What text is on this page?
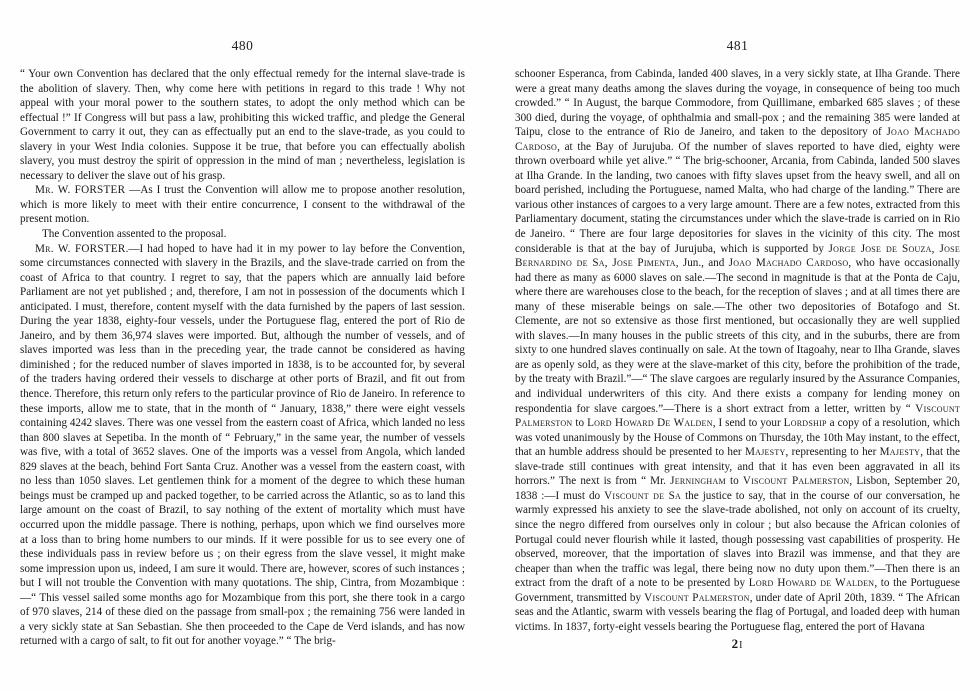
480

“ Your own Convention has declared that the only effectual remedy for the internal slave-trade is the abolition of slavery. Then, why come here with petitions in regard to this trade ! Why not appeal with your moral power to the southern states, to adopt the only method which can be effectual !” If Congress will but pass a law, prohibiting this wicked traffic, and pledge the General Government to carry it out, they can as effectually put an end to the slave-trade, as you could to slavery in your West India colonies. Suppose it be true, that before you can effectually abolish slavery, you must destroy the spirit of oppression in the mind of man ; nevertheless, legislation is necessary to deliver the slave out of his grasp.

Mr. W. FORSTER —As I trust the Convention will allow me to propose another resolution, which is more likely to meet with their entire concurrence, I consent to the withdrawal of the present motion.

The Convention assented to the proposal.

Mr. W. FORSTER.—I had hoped to have had it in my power to lay before the Convention, some circumstances connected with slavery in the Brazils, and the slave-trade carried on from the coast of Africa to that country. I regret to say, that the papers which are annually laid before Parliament are not yet published ; and, therefore, I am not in possession of the documents which I anticipated. I must, therefore, content myself with the data furnished by the papers of last session. During the year 1838, eighty-four vessels, under the Portuguese flag, entered the port of Rio de Janeiro, and by them 36,974 slaves were imported. But, although the number of vessels, and of slaves imported was less than in the preceding year, the trade cannot be considered as having diminished ; for the reduced number of slaves imported in 1838, is to be accounted for, by several of the traders having ordered their vessels to discharge at other ports of Brazil, and fit out from thence. Therefore, this return only refers to the particular province of Rio de Janeiro. In reference to these imports, allow me to state, that in the month of “ January, 1838,” there were eight vessels containing 4242 slaves. There was one vessel from the eastern coast of Africa, which landed no less than 800 slaves at Sepetiba. In the month of “ February,” in the same year, the number of vessels was five, with a total of 3652 slaves. One of the imports was a vessel from Angola, which landed 829 slaves at the beach, behind Fort Santa Cruz. Another was a vessel from the eastern coast, with no less than 1050 slaves. Let gentlemen think for a moment of the degree to which these human beings must be cramped up and packed together, to be carried across the Atlantic, so as to land this large amount on the coast of Brazil, to say nothing of the extent of mortality which must have occurred upon the middle passage. There is nothing, perhaps, upon which we find ourselves more at a loss than to bring home numbers to our minds. If it were possible for us to see every one of these individuals pass in review before us ; on their egress from the slave vessel, it might make some impression upon us, indeed, I am sure it would. There are, however, scores of such instances ; but I will not trouble the Convention with many quotations. The ship, Cintra, from Mozambique :—“ This vessel sailed some months ago for Mozambique from this port, she there took in a cargo of 970 slaves, 214 of these died on the passage from small-pox ; the remaining 756 were landed in a very sickly state at San Sebastian. She then proceeded to the Cape de Verd islands, and has now returned with a cargo of salt, to fit out for another voyage.” “ The brig-

481

schooner Esperanca, from Cabinda, landed 400 slaves, in a very sickly state, at Ilha Grande. There were a great many deaths among the slaves during the voyage, in consequence of being too much crowded.” “ In August, the barque Commodore, from Quillimane, embarked 685 slaves ; of these 300 died, during the voyage, of ophthalmia and small-pox ; and the remaining 385 were landed at Taipu, close to the entrance of Rio de Janeiro, and taken to the depository of Joao Machado Cardoso, at the Bay of Jurujuba. Of the number of slaves reported to have died, eighty were thrown overboard while yet alive.” “ The brig-schooner, Arcania, from Cabinda, landed 500 slaves at Ilha Grande. In the landing, two canoes with fifty slaves upset from the heavy swell, and all on board perished, including the Portuguese, named Malta, who had charge of the landing.” There are various other instances of cargoes to a very large amount. There are a few notes, extracted from this Parliamentary document, stating the circumstances under which the slave-trade is carried on in Rio de Janeiro. “ There are four large depositories for slaves in the vicinity of this city. The most considerable is that at the bay of Jurujuba, which is supported by Jorge Jose de Souza, Jose Bernardino de Sa, Jose Pimenta, Jun., and Joao Machado Cardoso, who have occasionally had there as many as 6000 slaves on sale.—The second in magnitude is that at the Ponta de Caju, where there are warehouses close to the beach, for the reception of slaves ; and at all times there are many of these miserable beings on sale.—The other two depositories of Botafogo and St. Clemente, are not so extensive as those first mentioned, but occasionally they are well supplied with slaves.—In many houses in the public streets of this city, and in the suburbs, there are from sixty to one hundred slaves continually on sale. At the town of Itagoahy, near to Ilha Grande, slaves are as openly sold, as they were at the slave-market of this city, before the prohibition of the trade, by the treaty with Brazil.”—“ The slave cargoes are regularly insured by the Assurance Companies, and individual underwriters of this city. And there exists a company for lending money on respondentia for slave cargoes.”—There is a short extract from a letter, written by “ Viscount Palmerston to Lord Howard De Walden, I send to your Lordship a copy of a resolution, which was voted unanimously by the House of Commons on Thursday, the 10th May instant, to the effect, that an humble address should be presented to her Majesty, representing to her Majesty, that the slave-trade still continues with great intensity, and that it has even been aggravated in all its horrors.” The next is from “ Mr. Jerningham to Viscount Palmerston, Lisbon, September 20, 1838 :—I must do Viscount de Sa the justice to say, that in the course of our conversation, he warmly expressed his anxiety to see the slave-trade abolished, not only on account of its cruelty, since the negro differed from ourselves only in colour ; but also because the African colonies of Portugal could never flourish while it lasted, though possessing vast capabilities of prosperity. He observed, moreover, that the importation of slaves into Brazil was immense, and that they are cheaper than when the traffic was legal, there being now no duty upon them.”—Then there is an extract from the draft of a note to be presented by Lord Howard de Walden, to the Portuguese Government, transmitted by Viscount Palmerston, under date of April 20th, 1839. “ The African seas and the Atlantic, swarm with vessels bearing the flag of Portugal, and loaded deep with human victims. In 1837, forty-eight vessels bearing the Portuguese flag, entered the port of Havana

2I
